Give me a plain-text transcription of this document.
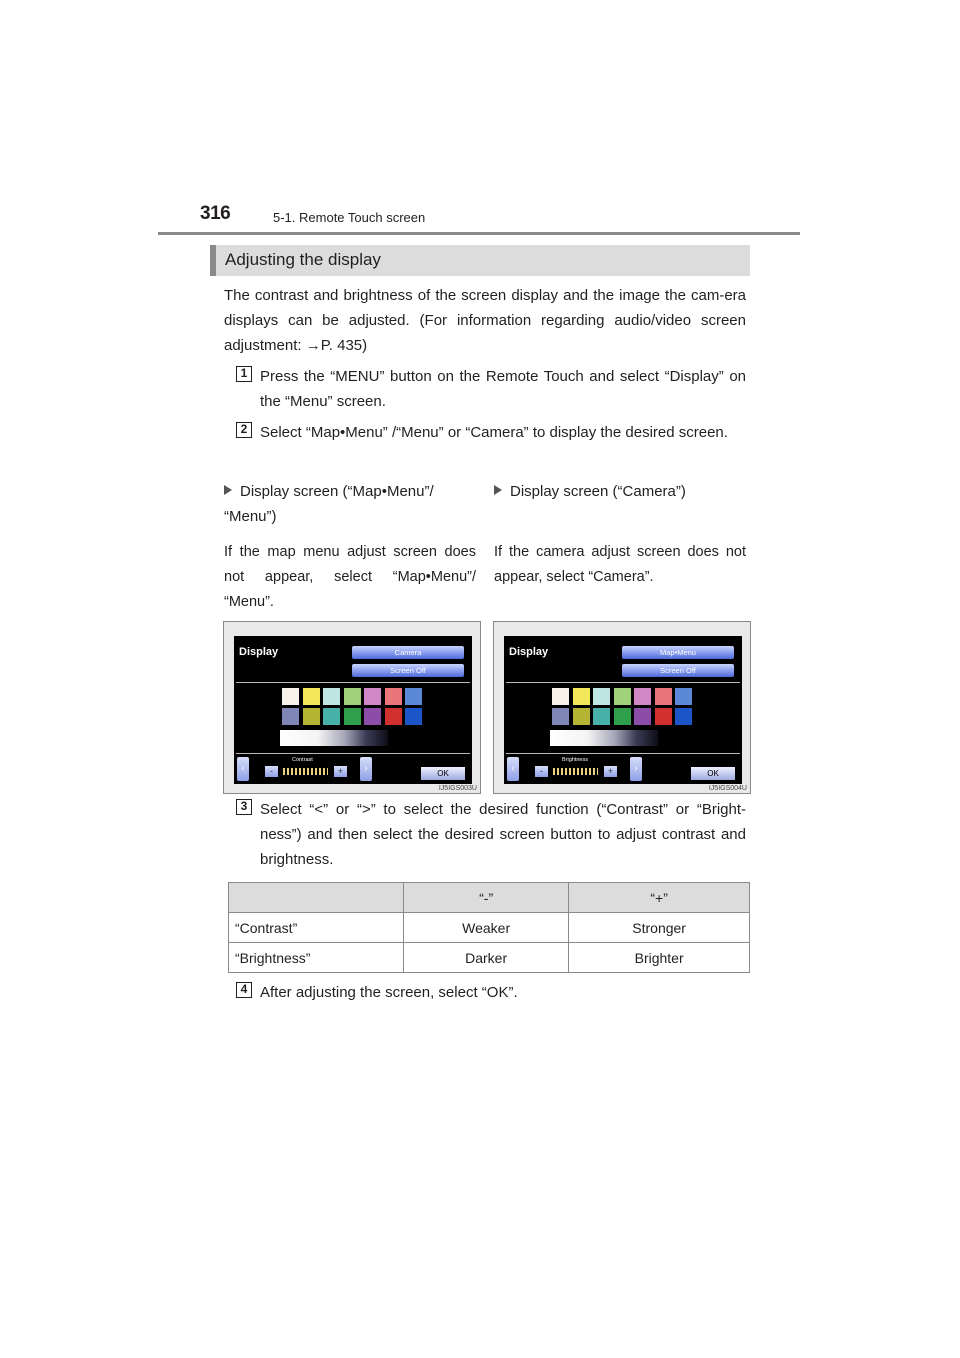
316	5-1. Remote Touch screen
Adjusting the display
The contrast and brightness of the screen display and the image the cam-era displays can be adjusted. (For information regarding audio/video screen adjustment: →P. 435)
1 Press the “MENU” button on the Remote Touch and select “Display” on the “Menu” screen.
2 Select “Map•Menu” /“Menu” or “Camera” to display the desired screen.
Display screen (“Map•Menu”/ “Menu”)
If the map menu adjust screen does not appear, select “Map•Menu”/ “Menu”.
Display screen (“Camera”)
If the camera adjust screen does not appear, select “Camera”.
Display	Camera
Screen Off
‹
Contrast
-	+	›	OK
IJ5IGS003U
Display	Map•Menu
Screen Off
‹
Brightness
-	+	›	OK
IJ5IGS004U
3 Select “<” or “>” to select the desired function (“Contrast” or “Bright-ness”) and then select the desired screen button to adjust contrast and brightness.
	“-”	“+”
“Contrast”	Weaker	Stronger
“Brightness”	Darker	Brighter
4 After adjusting the screen, select “OK”.
